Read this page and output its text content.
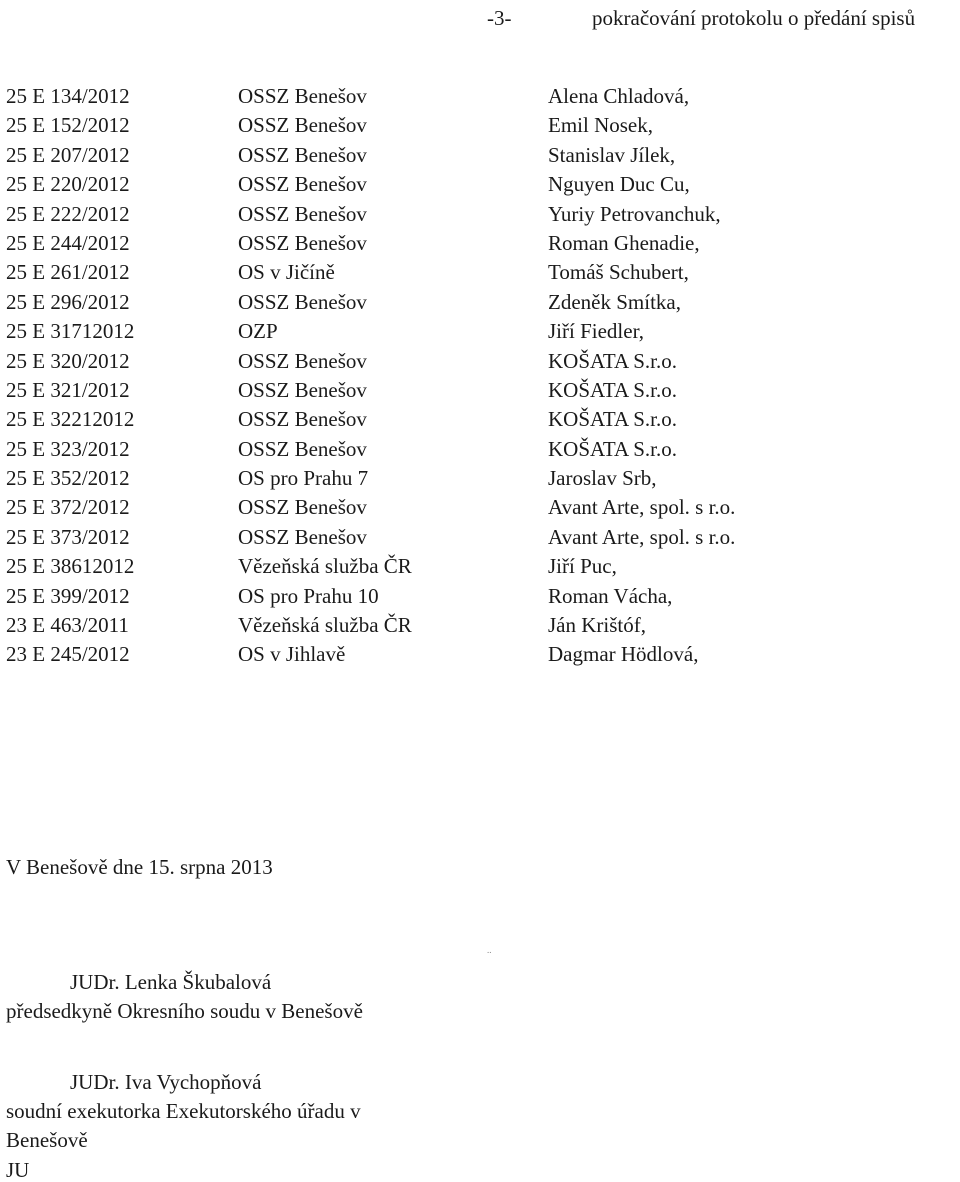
-3-	pokračování protokolu o předání spisů
25 E 134/2012
25 E 152/2012
25 E 207/2012
25 E 220/2012
25 E 222/2012
25 E 244/2012
25 E 261/2012
25 E 296/2012
25 E 31712012
25 E 320/2012
25 E 321/2012
25 E 32212012
25 E 323/2012
25 E 352/2012
25 E 372/2012
25 E 373/2012
25 E 38612012
25 E 399/2012
23 E 463/2011
23 E 245/2012
OSSZ Benešov
OSSZ Benešov
OSSZ Benešov
OSSZ Benešov
OSSZ Benešov
OSSZ Benešov
OS v Jičíně
OSSZ Benešov
OZP
OSSZ Benešov
OSSZ Benešov
OSSZ Benešov
OSSZ Benešov
OS pro Prahu 7
OSSZ Benešov
OSSZ Benešov
Vězeňská služba ČR
OS pro Prahu 10
Vězeňská služba ČR
OS v Jihlavě
Alena Chladová,
Emil Nosek,
Stanislav Jílek,
Nguyen Duc Cu,
Yuriy Petrovanchuk,
Roman Ghenadie,
Tomáš Schubert,
Zdeněk Smítka,
Jiří Fiedler,
KOŠATA S.r.o.
KOŠATA S.r.o.
KOŠATA S.r.o.
KOŠATA S.r.o.
Jaroslav Srb,
Avant Arte, spol. s r.o.
Avant Arte, spol. s r.o.
Jiří Puc,
Roman Vácha,
Ján Krištóf,
Dagmar Hödlová,
V Benešově dne 15. srpna 2013
..
JUDr. Lenka Škubalová
předsedkyně Okresního soudu v Benešově
JUDr. Iva Vychopňová
soudní exekutorka Exekutorského úřadu v
Benešově
JU
